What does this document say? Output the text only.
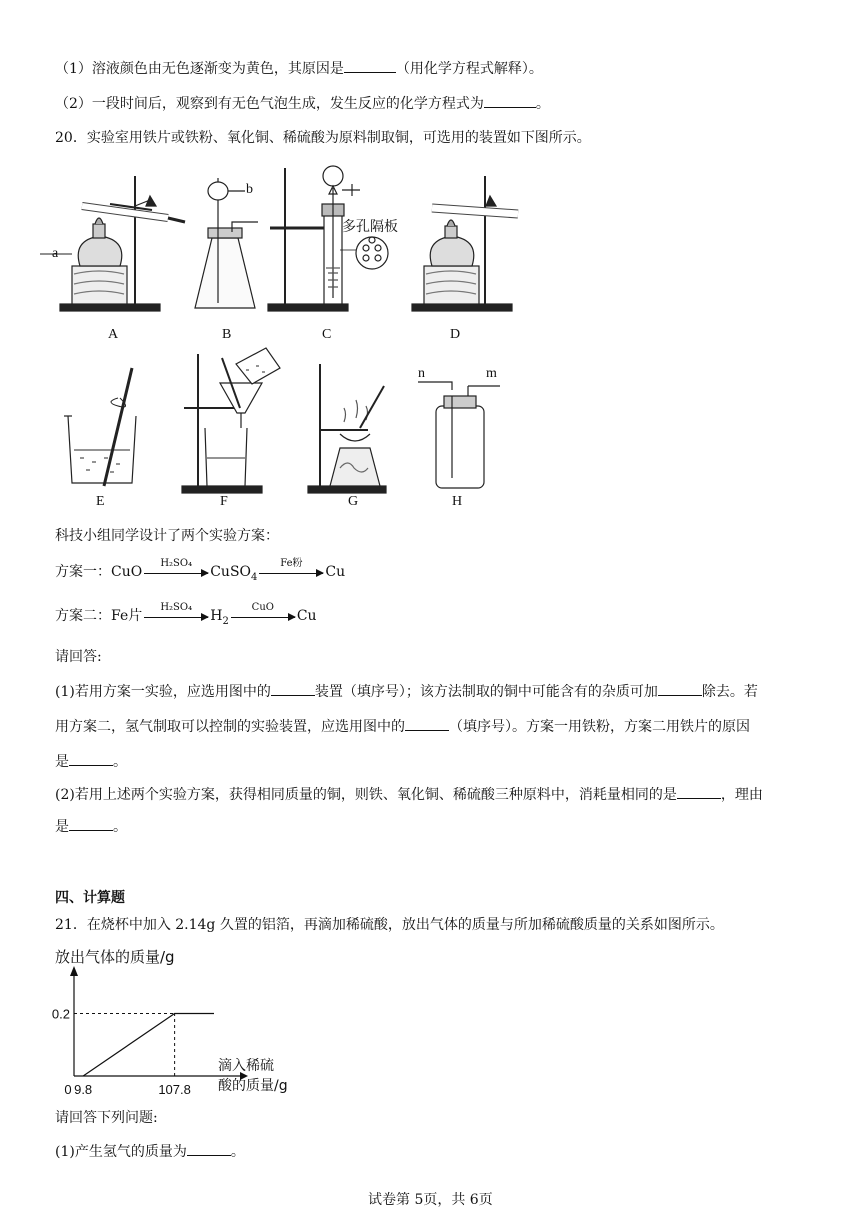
（1）溶液颜色由无色逐渐变为黄色，其原因是	（用化学方程式解释）。
（2）一段时间后，观察到有无色气泡生成，发生反应的化学方程式为	。
20．实验室用铁片或铁粉、氧化铜、稀硫酸为原料制取铜，可选用的装置如下图所示。
A	B	C	D
E	F	G	H
a
b
多孔隔板
n	m
科技小组同学设计了两个实验方案：
方案一：CuO
H₂SO₄
CuSO$_4$
Fe粉
Cu
方案二：Fe片
H₂SO₄
$H_2$
CuO
Cu
请回答:
(1)若用方案一实验，应选用图中的	装置（填序号）；该方法制取的铜中可能含有的杂质可加	除去。若
用方案二，氢气制取可以控制的实验装置，应选用图中的	（填序号）。方案一用铁粉，方案二用铁片的原因
是	。
(2)若用上述两个实验方案，获得相同质量的铜，则铁、氧化铜、稀硫酸三种原料中，消耗量相同的是	，理由
是	。
四、计算题
21．在烧杯中加入 2.14g 久置的铝箔，再滴加稀硫酸，放出气体的质量与所加稀硫酸质量的关系如图所示。
放出气体的质量/g
0 9.8	107.8
0.2
滴入稀硫
酸的质量/g
请回答下列问题:
(1)产生氢气的质量为	。
试卷第 5页，共 6页
